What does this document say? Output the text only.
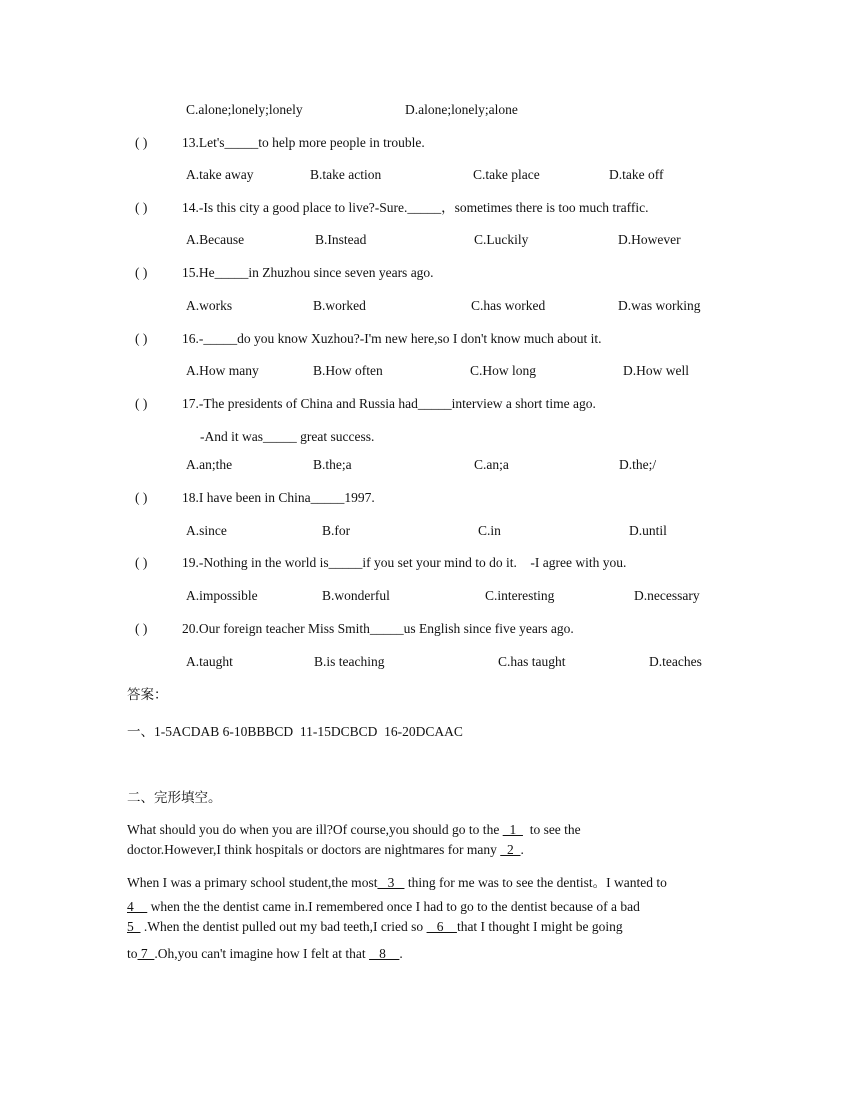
C.alone;lonely;lonely	D.alone;lonely;alone
( )	13.Let's_____to help more people in trouble.
A.take away	B.take action	C.take place	D.take off
( )	14.-Is this city a good place to live?-Sure._____，sometimes there is too much traffic.
A.Because	B.Instead	C.Luckily	D.However
( )	15.He_____in Zhuzhou since seven years ago.
A.works	B.worked	C.has worked	D.was working
( )	16.-_____do you know Xuzhou?-I'm new here,so I don't know much about it.
A.How many	B.How often	C.How long	D.How well
( )	17.-The presidents of China and Russia had_____interview a short time ago.
-And it was_____ great success.
A.an;the	B.the;a	C.an;a	D.the;/
( )	18.I have been in China_____1997.
A.since	B.for	C.in	D.until
( )	19.-Nothing in the world is_____if you set your mind to do it.    -I agree with you.
A.impossible	B.wonderful	C.interesting	D.necessary
( )	20.Our foreign teacher Miss Smith_____us English since five years ago.
A.taught	B.is teaching	C.has taught	D.teaches
答案：
一、1-5ACDAB 6-10BBBCD  11-15DCBCD  16-20DCAAC
二、完形填空。
What should you do when you are ill?Of course,you should go to the   1    to see the
doctor.However,I think hospitals or doctors are nightmares for many   2  .
When I was a primary school student,the most   3    thing for me was to see the dentist。I wanted to
4     when the the dentist came in.I remembered once I had to go to the dentist because of a bad
5   .When the dentist pulled out my bad teeth,I cried so    6    that I thought I might be going
to 7  .Oh,you can't imagine how I felt at that    8    .
